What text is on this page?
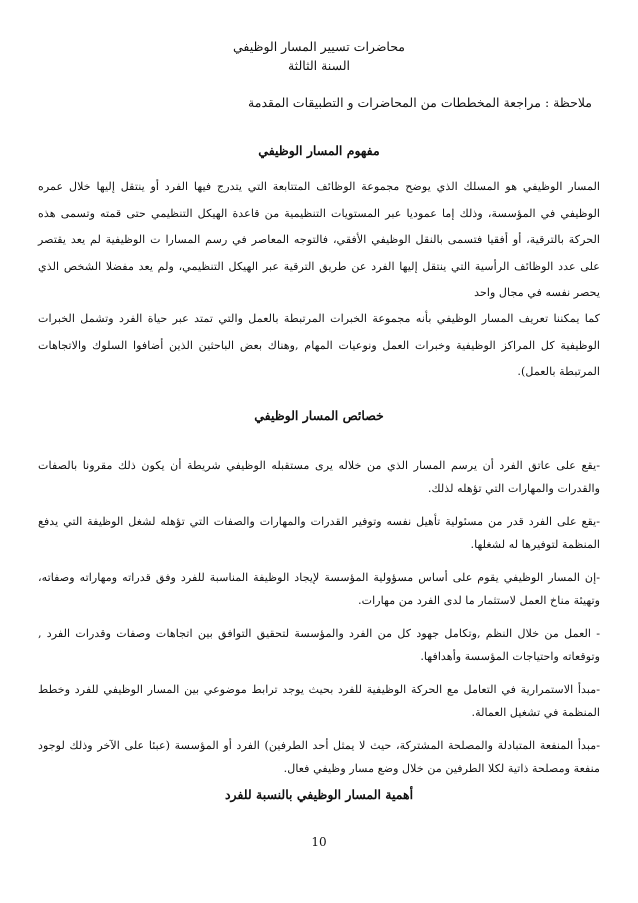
محاضرات تسيير المسار الوظيفي
السنة الثالثة
ملاحظة : مراجعة المخططات من المحاضرات و التطبيقات المقدمة
مفهوم المسار الوظيفي
المسار الوظيفي هو المسلك الذي يوضح مجموعة الوظائف المتتابعة التي يتدرج فيها الفرد أو ينتقل إليها خلال عمره الوظيفي في المؤسسة، وذلك إما عموديا عبر المستويات التنظيمية من قاعدة الهيكل التنظيمي حتى قمته وتسمى هذه الحركة بالترقية، أو أفقيا فتسمى بالنقل الوظيفي الأفقي، فالتوجه المعاصر في رسم المسارا ت الوظيفية لم يعد يقتصر على عدد الوظائف الرأسية التي ينتقل إليها الفرد عن طريق الترقية عبر الهيكل التنظيمي، ولم يعد مفضلا الشخص الذي يحصر نفسه في مجال واحد
كما يمكننا تعريف المسار الوظيفي بأنه مجموعة الخبرات المرتبطة بالعمل والتي تمتد عبر حياة الفرد وتشمل الخبرات الوظيفية كل المراكز الوظيفية وخبرات العمل ونوعيات المهام ,وهناك بعض الباحثين الذين أضافوا السلوك والاتجاهات المرتبطة بالعمل).
خصائص المسار الوظيفي
-يقع على عاتق الفرد أن يرسم المسار الذي من خلاله يرى مستقبله الوظيفي شريطة أن يكون ذلك مقرونا بالصفات والقدرات والمهارات التي تؤهله لذلك.
-يقع على الفرد قدر من مسئولية تأهيل نفسه وتوفير القدرات والمهارات والصفات التي تؤهله لشغل الوظيفة التي يدفع المنظمة لتوفيرها له لشغلها.
-إن المسار الوظيفي يقوم على أساس مسؤولية المؤسسة لإيجاد الوظيفة المناسبة للفرد وفق قدراته ومهاراته وصفاته، وتهيئة مناخ العمل لاستثمار ما لدى الفرد من مهارات.
- العمل من خلال النظم ,وتكامل جهود كل من الفرد والمؤسسة لتحقيق التوافق بين اتجاهات وصفات وقدرات الفرد , وتوقعاته واحتياجات المؤسسة وأهدافها.
-مبدأ الاستمرارية في التعامل مع الحركة الوظيفية للفرد بحيث يوجد ترابط موضوعي بين المسار الوظيفي للفرد وخطط المنظمة في تشغيل العمالة.
-مبدأ المنفعة المتبادلة والمصلحة المشتركة، حيث لا يمثل أحد الطرفين) الفرد أو المؤسسة (عبئا على الآخر وذلك لوجود منفعة ومصلحة ذاتية لكلا الطرفين من خلال وضع مسار وظيفي فعال.
أهمية المسار الوظيفي بالنسبة للفرد
10
